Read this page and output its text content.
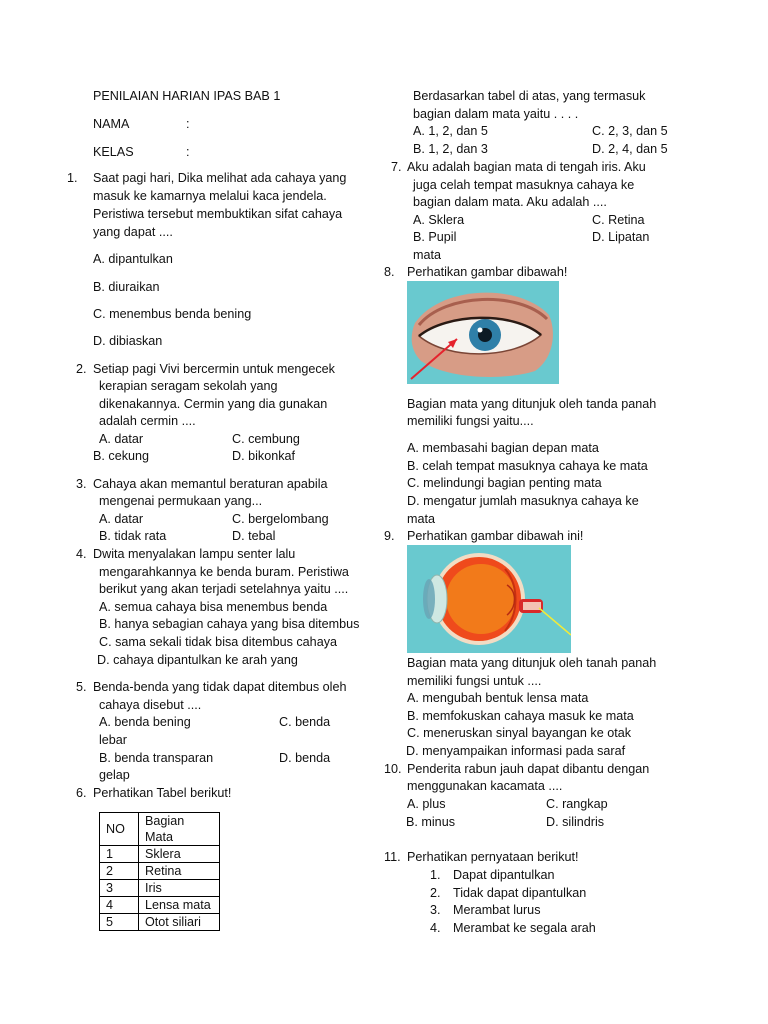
PENILAIAN HARIAN IPAS BAB 1
NAMA	:
KELAS	:
1. Saat pagi hari, Dika melihat ada cahaya yang
masuk ke kamarnya melalui kaca jendela.
Peristiwa tersebut membuktikan sifat cahaya
yang dapat ....
A. dipantulkan
B. diuraikan
C. menembus benda bening
D. dibiaskan
2. Setiap pagi Vivi bercermin untuk mengecek
kerapian seragam sekolah yang
dikenakannya. Cermin yang dia gunakan
adalah cermin ....
A. datar	C. cembung
B. cekung	D. bikonkaf
3. Cahaya akan memantul beraturan apabila
mengenai permukaan yang...
A. datar	C. bergelombang
B. tidak rata	D. tebal
4. Dwita menyalakan lampu senter lalu
mengarahkannya ke benda buram. Peristiwa
berikut yang akan terjadi setelahnya yaitu ....
A. semua cahaya bisa menembus benda
B. hanya sebagian cahaya yang bisa ditembus
C. sama sekali tidak bisa ditembus cahaya
D. cahaya dipantulkan ke arah yang
5. Benda-benda yang tidak dapat ditembus oleh
cahaya disebut ....
A. benda bening	C. benda
lebar
B. benda transparan	D. benda
gelap
6. Perhatikan Tabel berikut!
NO	Bagian Mata
1	Sklera
2	Retina
3	Iris
4	Lensa mata
5	Otot siliari
Berdasarkan tabel di atas, yang termasuk
bagian dalam mata yaitu . . . .
A. 1, 2, dan 5	C. 2, 3, dan 5
B. 1, 2, dan 3	D. 2, 4, dan 5
7. Aku adalah bagian mata di tengah iris. Aku
juga celah tempat masuknya cahaya ke
bagian dalam mata. Aku adalah ....
A. Sklera	C. Retina
B. Pupil	D. Lipatan
mata
8. Perhatikan gambar dibawah!
Bagian mata yang ditunjuk oleh tanda panah
memiliki fungsi yaitu....
A. membasahi bagian depan mata
B. celah tempat masuknya cahaya ke mata
C. melindungi bagian penting mata
D. mengatur jumlah masuknya cahaya ke
mata
9. Perhatikan gambar dibawah ini!
Bagian mata yang ditunjuk oleh tanah panah
memiliki fungsi untuk ....
A. mengubah bentuk lensa mata
B. memfokuskan cahaya masuk ke mata
C. meneruskan sinyal bayangan ke otak
D. menyampaikan informasi pada saraf
10. Penderita rabun jauh dapat dibantu dengan
menggunakan kacamata ....
A. plus	C. rangkap
B. minus	D. silindris
11. Perhatikan pernyataan berikut!
1. Dapat dipantulkan
2. Tidak dapat dipantulkan
3. Merambat lurus
4. Merambat ke segala arah
